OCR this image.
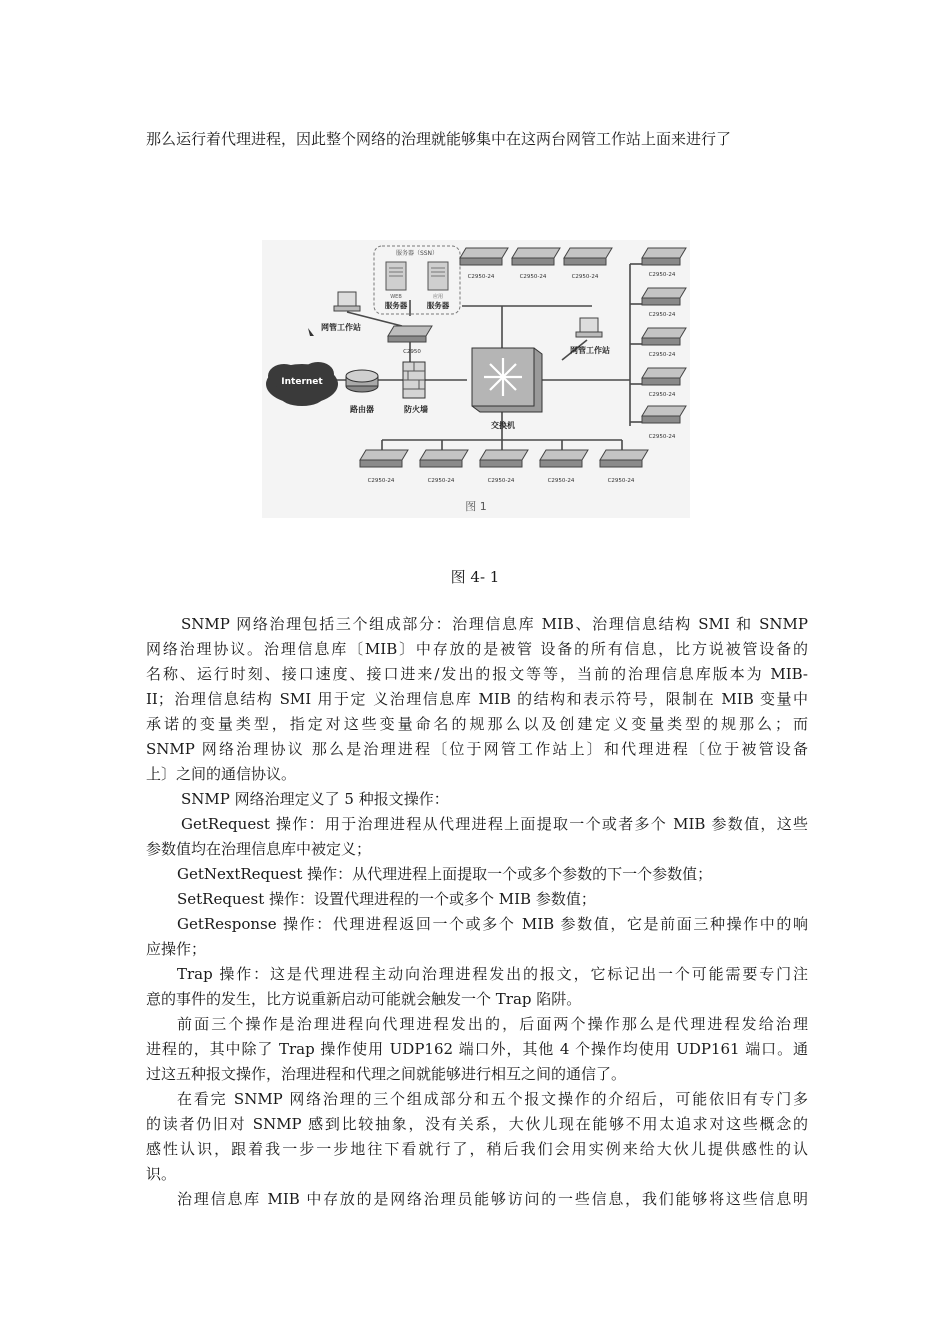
那么运行着代理进程，因此整个网络的治理就能够集中在这两台网管工作站上面来进行了
服务器（SSN）
WEB
服务器
应用
服务器
网管工作站
C2950
Internet
路由器	防火墙
交换机
网管工作站
C2950-24	C2950-24	C2950-24	C2950-24
C2950-24
C2950-24
C2950-24
C2950-24
C2950-24	C2950-24	C2950-24	C2950-24	C2950-24
图 1
图 4- 1
SNMP 网络治理包括三个组成部分：治理信息库 MIB、治理信息结构 SMI 和 SNMP
网络治理协议。治理信息库〔MIB〕中存放的是被管 设备的所有信息，比方说被管设备的
名称、运行时刻、接口速度、接口进来/发出的报文等等，当前的治理信息库版本为 MIB-
II；治理信息结构 SMI 用于定 义治理信息库 MIB 的结构和表示符号，限制在 MIB 变量中
承诺的变量类型，指定对这些变量命名的规那么以及创建定义变量类型的规那么；而
SNMP 网络治理协议 那么是治理进程〔位于网管工作站上〕和代理进程〔位于被管设备
上〕之间的通信协议。
SNMP 网络治理定义了 5 种报文操作：
GetRequest 操作：用于治理进程从代理进程上面提取一个或者多个 MIB 参数值，这些
参数值均在治理信息库中被定义；
GetNextRequest 操作：从代理进程上面提取一个或多个参数的下一个参数值；
SetRequest 操作：设置代理进程的一个或多个 MIB 参数值；
GetResponse 操作：代理进程返回一个或多个 MIB 参数值，它是前面三种操作中的响
应操作；
Trap 操作：这是代理进程主动向治理进程发出的报文，它标记出一个可能需要专门注
意的事件的发生，比方说重新启动可能就会触发一个 Trap 陷阱。
前面三个操作是治理进程向代理进程发出的，后面两个操作那么是代理进程发给治理
进程的，其中除了 Trap 操作使用 UDP162 端口外，其他 4 个操作均使用 UDP161 端口。通
过这五种报文操作，治理进程和代理之间就能够进行相互之间的通信了。
在看完 SNMP 网络治理的三个组成部分和五个报文操作的介绍后，可能依旧有专门多
的读者仍旧对 SNMP 感到比较抽象，没有关系，大伙儿现在能够不用太追求对这些概念的
感性认识，跟着我一步一步地往下看就行了，稍后我们会用实例来给大伙儿提供感性的认
识。
治理信息库 MIB 中存放的是网络治理员能够访问的一些信息，我们能够将这些信息明
